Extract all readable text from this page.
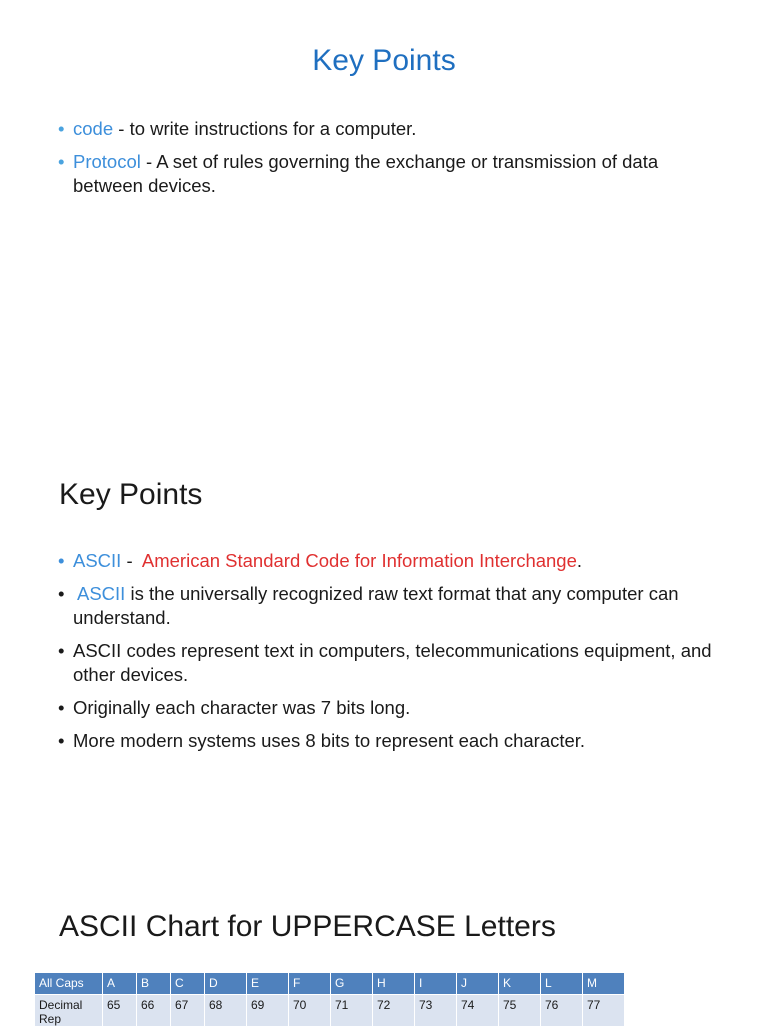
Key Points
• code - to write instructions for a computer.
• Protocol - A set of rules governing the exchange or transmission of data between devices.
Key Points
• ASCII -  American Standard Code for Information Interchange.
• ASCII is the universally recognized raw text format that any computer can understand.
• ASCII codes represent text in computers, telecommunications equipment, and other devices.
• Originally each character was 7 bits long.
• More modern systems uses 8 bits to represent each character.
ASCII Chart for UPPERCASE Letters
All Caps	A	B	C	D	E	F	G	H	I	J	K	L	M
Decimal Rep	65	66	67	68	69	70	71	72	73	74	75	76	77
